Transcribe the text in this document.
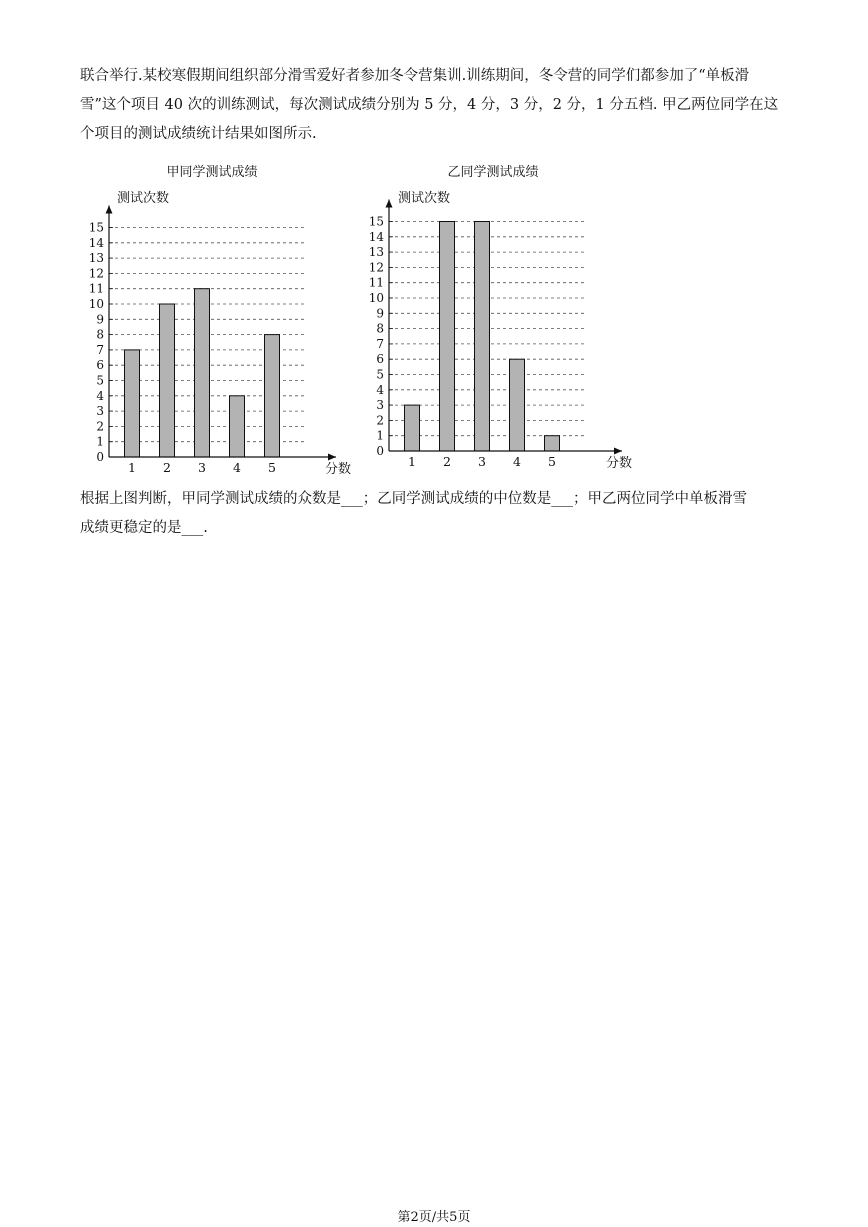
联合举行.某校寒假期间组织部分滑雪爱好者参加冬令营集训.训练期间，冬令营的同学们都参加了“单板滑

雪”这个项目 40 次的训练测试，每次测试成绩分别为 5 分，4 分，3 分，2 分，1 分五档. 甲乙两位同学在这

个项目的测试成绩统计结果如图所示.

甲同学测试成绩
测试次数
0
1
2
3
4
5
6
7
8
9
10
11
12
13
14
15
1 2 3 4 5	分数
乙同学测试成绩
测试次数
0
1
2
3
4
5
6
7
8
9
10
11
12
13
14
15
1 2 3 4 5	分数

根据上图判断，甲同学测试成绩的众数是___；乙同学测试成绩的中位数是___；甲乙两位同学中单板滑雪

成绩更稳定的是___.

第2页/共5页
